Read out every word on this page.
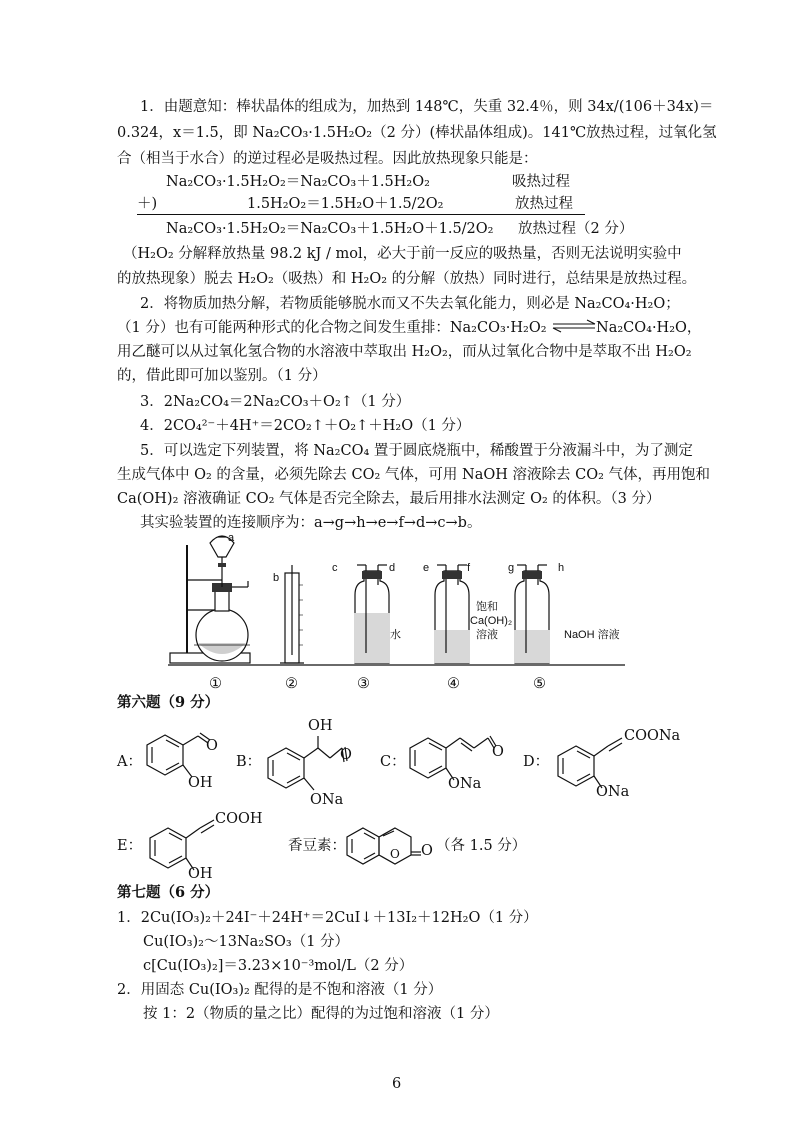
1．由题意知：棒状晶体的组成为，加热到 148℃，失重 32.4％，则 34x/(106＋34x)＝
0.324，x＝1.5，即 Na₂CO₃·1.5H₂O₂（2 分）(棒状晶体组成)。141℃放热过程，过氧化氢
合（相当于水合）的逆过程必是吸热过程。因此放热现象只能是：
Na₂CO₃·1.5H₂O₂＝Na₂CO₃＋1.5H₂O₂	吸热过程
＋)	1.5H₂O₂＝1.5H₂O＋1.5/2O₂	放热过程
Na₂CO₃·1.5H₂O₂＝Na₂CO₃＋1.5H₂O＋1.5/2O₂ 放热过程（2 分）
（H₂O₂ 分解释放热量 98.2 kJ / mol，必大于前一反应的吸热量，否则无法说明实验中
的放热现象）脱去 H₂O₂（吸热）和 H₂O₂ 的分解（放热）同时进行，总结果是放热过程。
2．将物质加热分解，若物质能够脱水而又不失去氧化能力，则必是 Na₂CO₄·H₂O；
（1 分）也有可能两种形式的化合物之间发生重排：Na₂CO₃·H₂O₂ ⇌
Na₂CO₄·H₂O，
用乙醚可以从过氧化氢合物的水溶液中萃取出 H₂O₂，而从过氧化合物中是萃取不出 H₂O₂
的，借此即可加以鉴别。（1 分）
3．2Na₂CO₄＝2Na₂CO₃＋O₂↑（1 分）
4．2CO₄²⁻＋4H⁺＝2CO₂↑＋O₂↑＋H₂O（1 分）
5．可以选定下列装置，将 Na₂CO₄ 置于圆底烧瓶中，稀酸置于分液漏斗中，为了测定
生成气体中 O₂ 的含量，必须先除去 CO₂ 气体，可用 NaOH 溶液除去 CO₂ 气体，再用饱和
Ca(OH)₂ 溶液确证 CO₂ 气体是否完全除去，最后用排水法测定 O₂ 的体积。（3 分）
其实验装置的连接顺序为：a→g→h→e→f→d→c→b。
a
b
c	d	e	f	g	h
水
饱和
Ca(OH)₂
溶液	NaOH 溶液
①	②	③	④	⑤
第六题（9 分）
A：
O
OH
B：
OH
O
ONa
C：
O
ONa
D：
COONa
ONa
E：
COOH
OH
香豆素：	O O （各 1.5 分）
第七题（6 分）
1．2Cu(IO₃)₂＋24I⁻＋24H⁺＝2CuI↓＋13I₂＋12H₂O（1 分）
Cu(IO₃)₂～13Na₂SO₃（1 分）
c[Cu(IO₃)₂]＝3.23×10⁻³mol/L（2 分）
2．用固态 Cu(IO₃)₂ 配得的是不饱和溶液（1 分）
按 1：2（物质的量之比）配得的为过饱和溶液（1 分）
6
